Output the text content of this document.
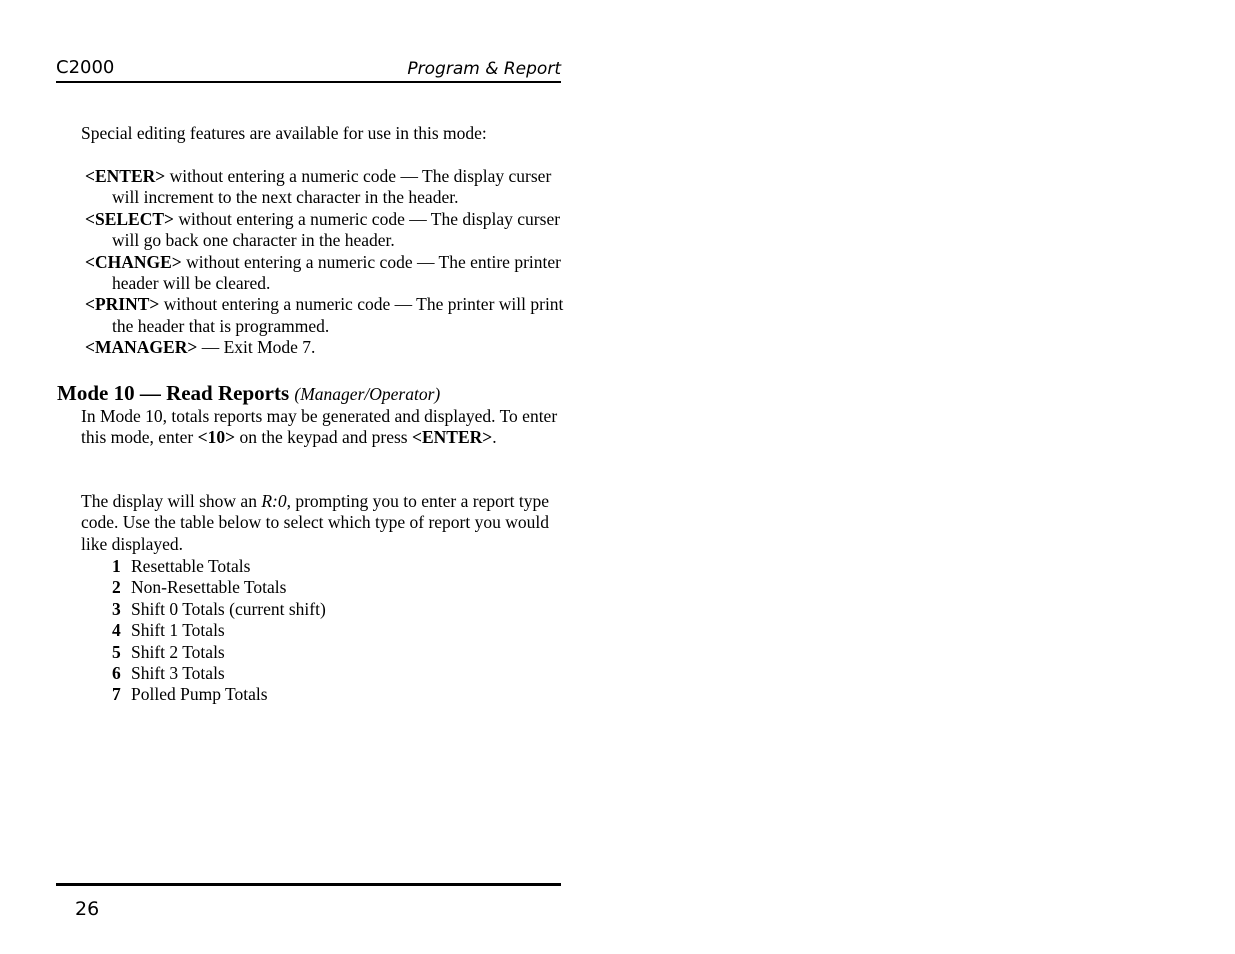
C2000	Program & Report
Special editing features are available for use in this mode:
<ENTER> without entering a numeric code — The display curser will increment to the next character in the header.
<SELECT> without entering a numeric code — The display curser will go back one character in the header.
<CHANGE> without entering a numeric code — The entire printer header will be cleared.
<PRINT> without entering a numeric code — The printer will print the header that is programmed.
<MANAGER> — Exit Mode 7.
Mode 10 — Read Reports (Manager/Operator)
In Mode 10, totals reports may be generated and displayed. To enter this mode, enter <10> on the keypad and press <ENTER>.
The display will show an R:0, prompting you to enter a report type code. Use the table below to select which type of report you would like displayed.
1 Resettable Totals
2 Non-Resettable Totals
3 Shift 0 Totals (current shift)
4 Shift 1 Totals
5 Shift 2 Totals
6 Shift 3 Totals
7 Polled Pump Totals
26
